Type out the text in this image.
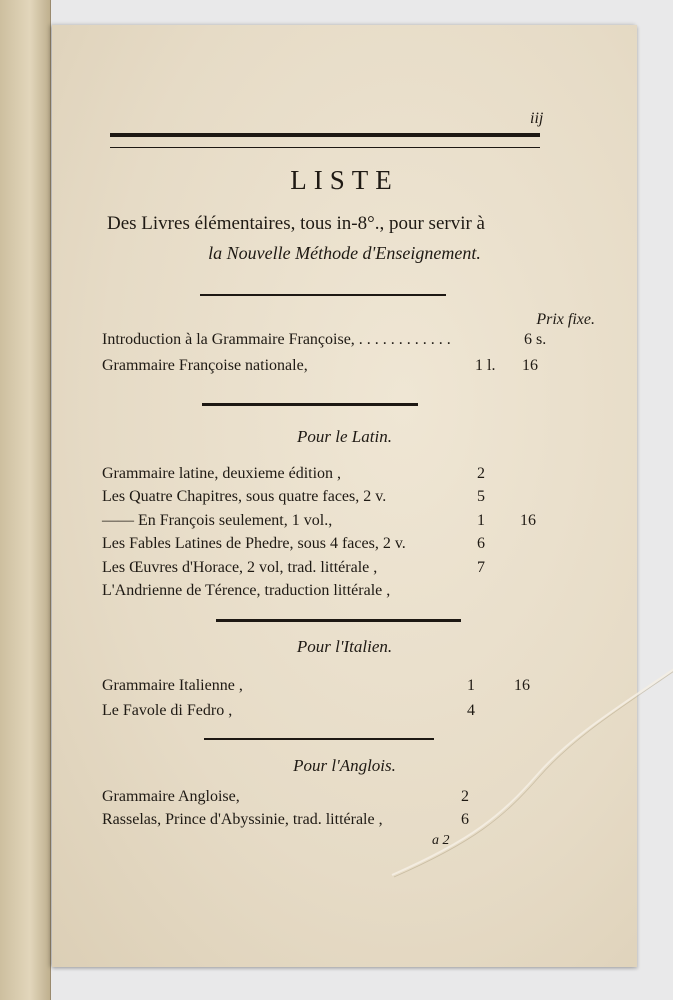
iij
LISTE
Des Livres élémentaires, tous in-8°., pour servir à
la Nouvelle Méthode d'Enseignement.
Prix fixe.
Introduction à la Grammaire Françoise, . . . . . . . . . . . .	6 s.
Grammaire Françoise nationale,	1 l. 16
Pour le Latin.
Grammaire latine, deuxieme édition ,	2
Les Quatre Chapitres, sous quatre faces, 2 v.	5
—— En François seulement, 1 vol.,	1	16
Les Fables Latines de Phedre, sous 4 faces, 2 v.	6
Les Œuvres d'Horace, 2 vol, trad. littérale ,	7
L'Andrienne de Térence, traduction littérale ,
Pour l'Italien.
Grammaire Italienne ,	1	16
Le Favole di Fedro ,	4
Pour l'Anglois.
Grammaire Angloise,	2
Rasselas, Prince d'Abyssinie, trad. littérale ,	6
a 2
